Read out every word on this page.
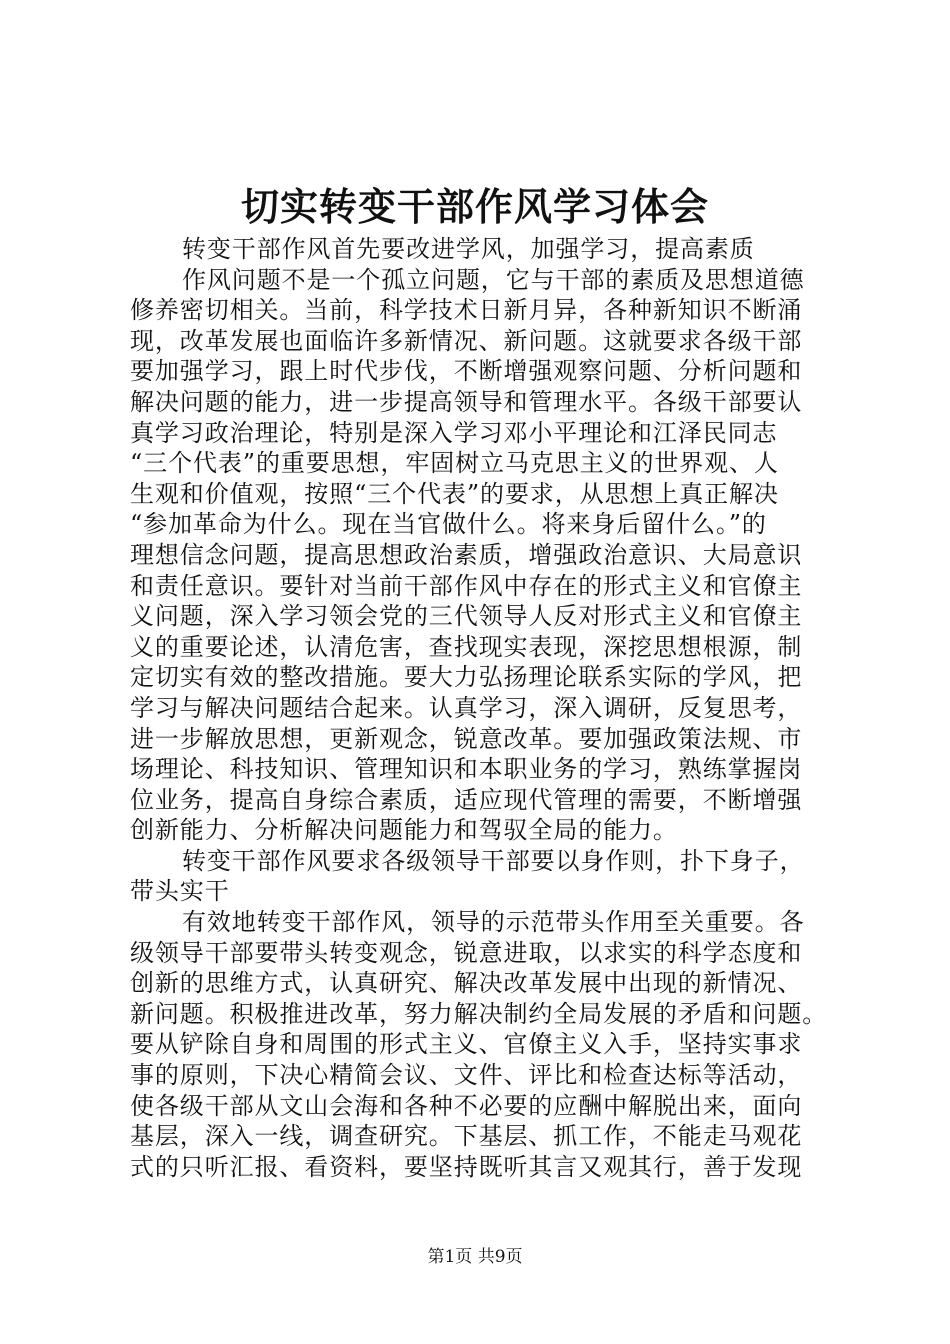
切实转变干部作风学习体会
转变干部作风首先要改进学风，加强学习，提高素质
作风问题不是一个孤立问题，它与干部的素质及思想道德
修养密切相关。当前，科学技术日新月异，各种新知识不断涌
现，改革发展也面临许多新情况、新问题。这就要求各级干部
要加强学习，跟上时代步伐，不断增强观察问题、分析问题和
解决问题的能力，进一步提高领导和管理水平。各级干部要认
真学习政治理论，特别是深入学习邓小平理论和江泽民同志
“三个代表”的重要思想，牢固树立马克思主义的世界观、人
生观和价值观，按照“三个代表”的要求，从思想上真正解决
“参加革命为什么。现在当官做什么。将来身后留什么。”的
理想信念问题，提高思想政治素质，增强政治意识、大局意识
和责任意识。要针对当前干部作风中存在的形式主义和官僚主
义问题，深入学习领会党的三代领导人反对形式主义和官僚主
义的重要论述，认清危害，查找现实表现，深挖思想根源，制
定切实有效的整改措施。要大力弘扬理论联系实际的学风，把
学习与解决问题结合起来。认真学习，深入调研，反复思考，
进一步解放思想，更新观念，锐意改革。要加强政策法规、市
场理论、科技知识、管理知识和本职业务的学习，熟练掌握岗
位业务，提高自身综合素质，适应现代管理的需要，不断增强
创新能力、分析解决问题能力和驾驭全局的能力。
转变干部作风要求各级领导干部要以身作则，扑下身子，
带头实干
有效地转变干部作风，领导的示范带头作用至关重要。各
级领导干部要带头转变观念，锐意进取，以求实的科学态度和
创新的思维方式，认真研究、解决改革发展中出现的新情况、
新问题。积极推进改革，努力解决制约全局发展的矛盾和问题。
要从铲除自身和周围的形式主义、官僚主义入手，坚持实事求
事的原则，下决心精简会议、文件、评比和检查达标等活动，
使各级干部从文山会海和各种不必要的应酬中解脱出来，面向
基层，深入一线，调查研究。下基层、抓工作，不能走马观花
式的只听汇报、看资料，要坚持既听其言又观其行，善于发现
第1页 共9页
